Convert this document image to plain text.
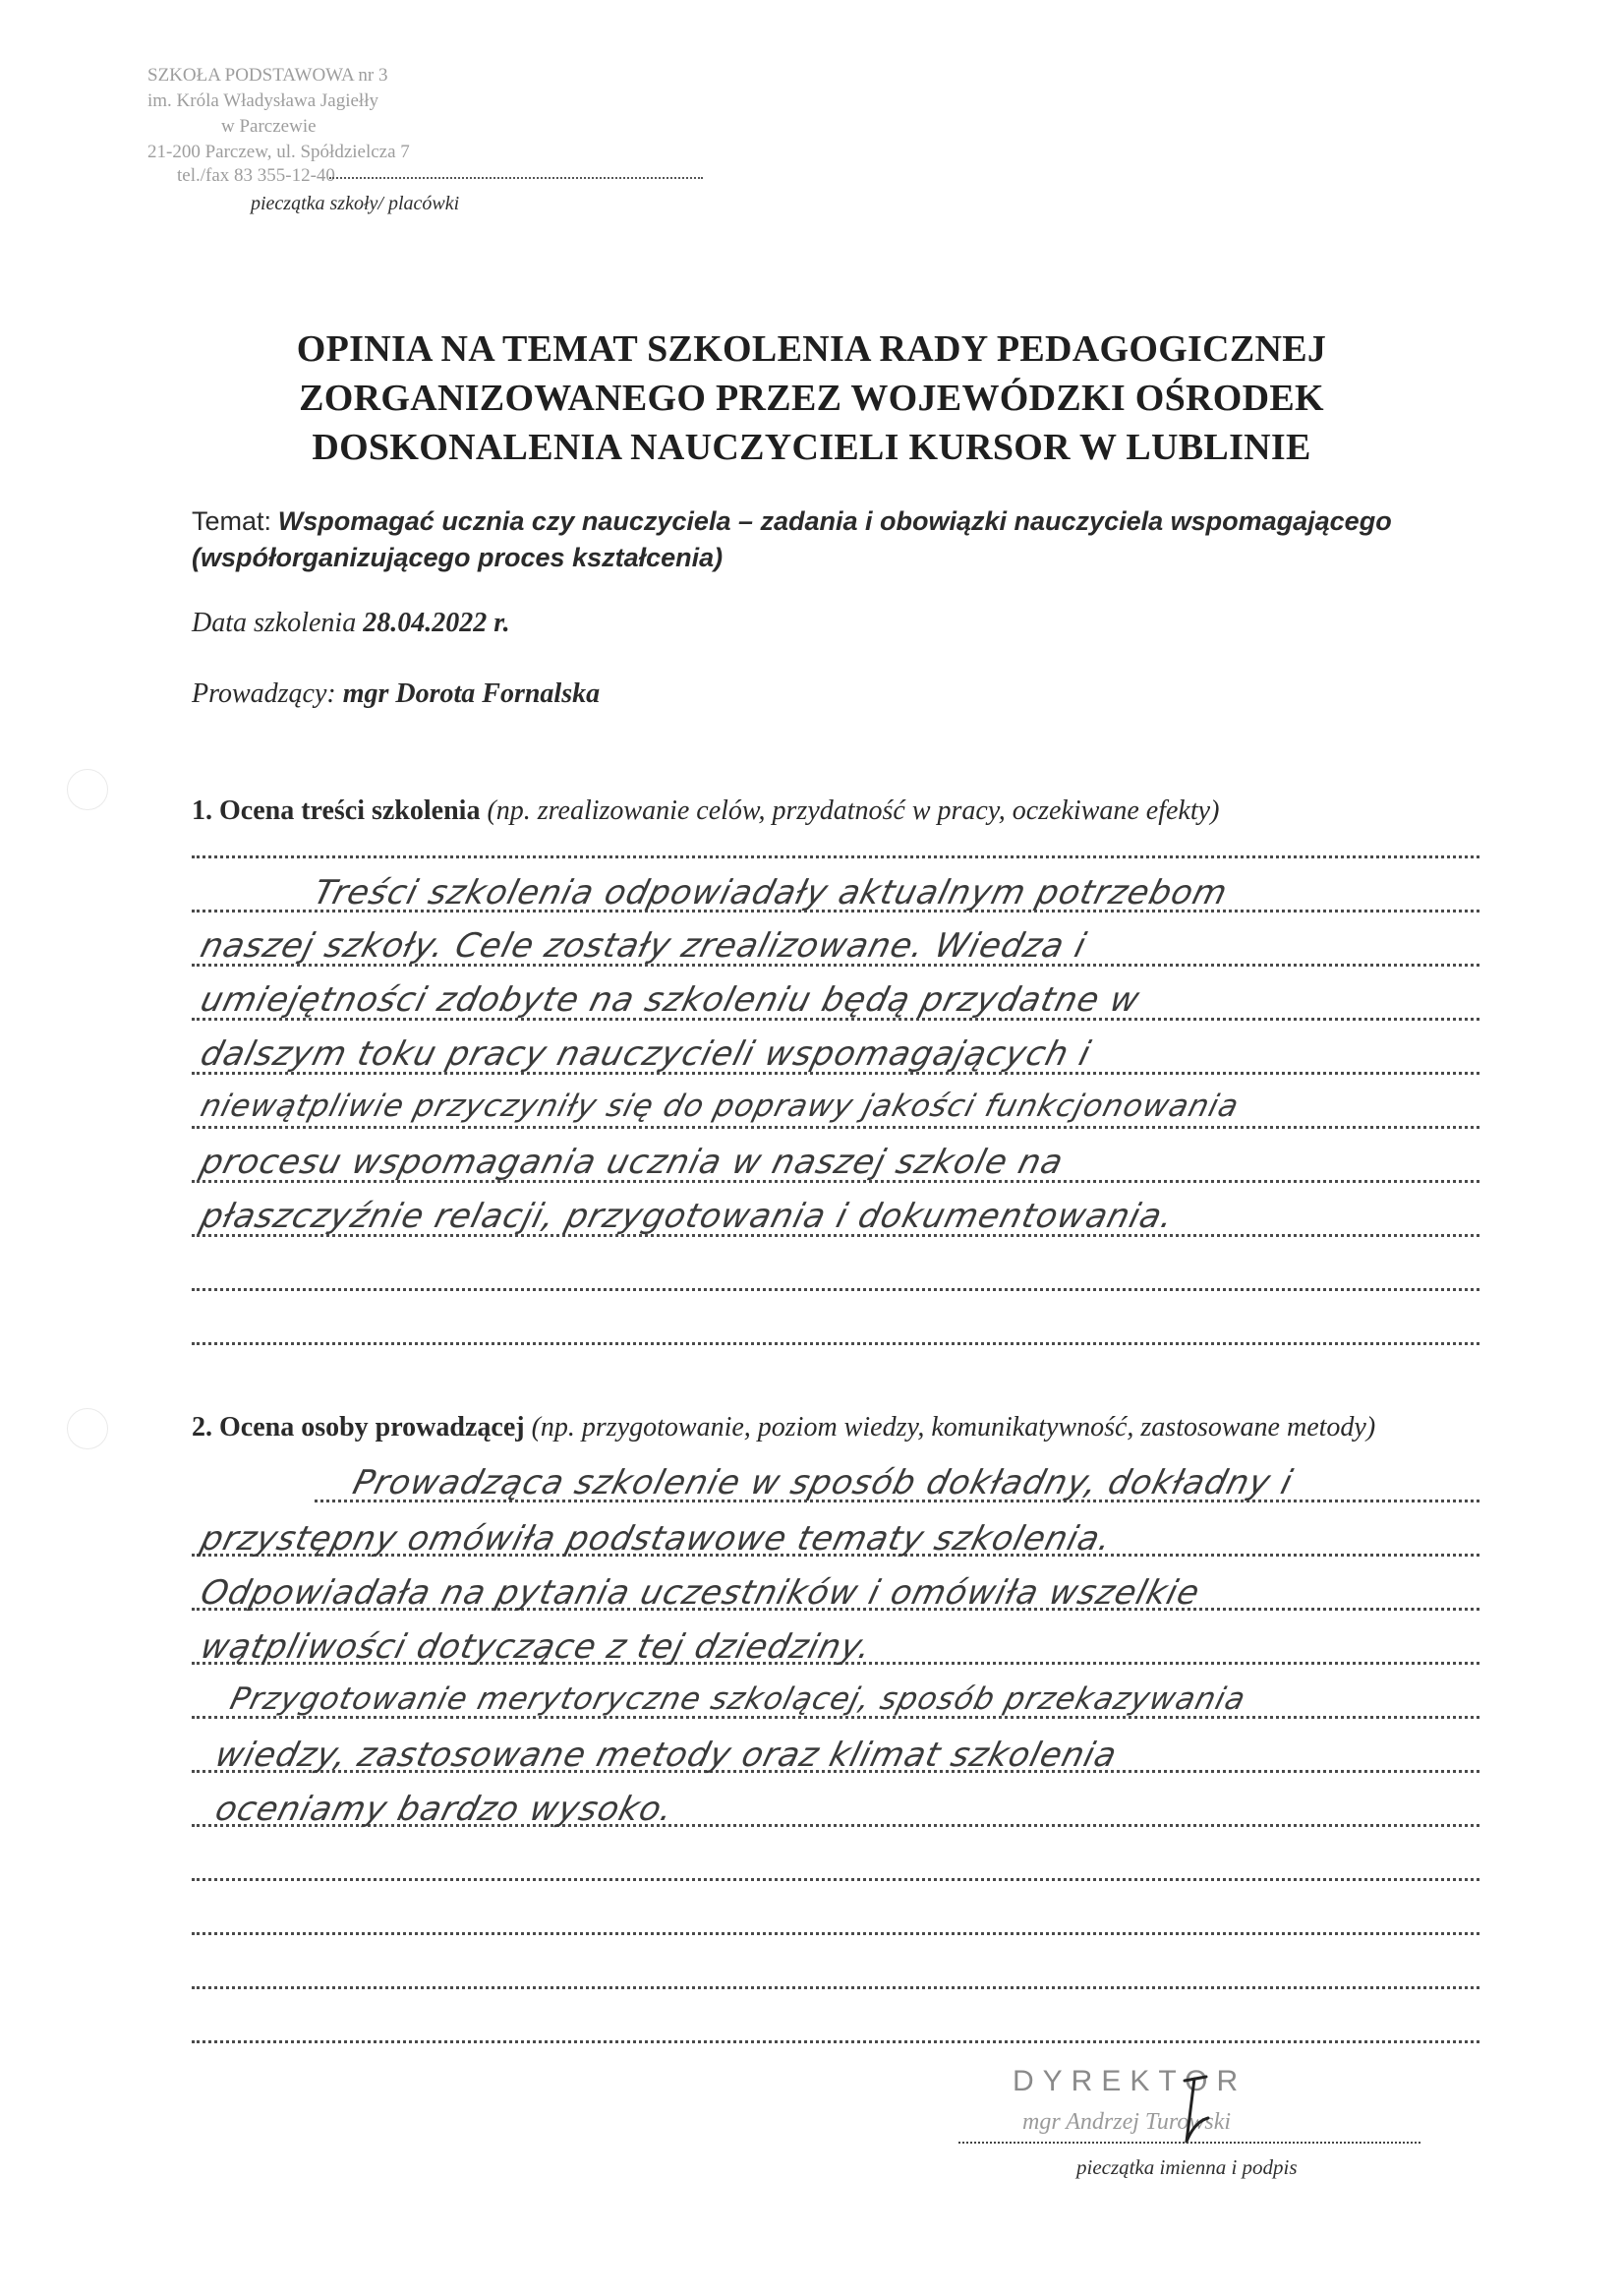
SZKOŁA PODSTAWOWA nr 3
im. Króla Władysława Jagiełły
w Parczewie
21-200 Parczew, ul. Spółdzielcza 7
tel./fax 83 355-12-40
pieczątka szkoły/ placówki
OPINIA NA TEMAT SZKOLENIA RADY PEDAGOGICZNEJ
ZORGANIZOWANEGO PRZEZ WOJEWÓDZKI OŚRODEK
DOSKONALENIA NAUCZYCIELI KURSOR W LUBLINIE
Temat: Wspomagać ucznia czy nauczyciela – zadania i obowiązki nauczyciela wspomagającego (współorganizującego proces kształcenia)
Data szkolenia 28.04.2022 r.
Prowadzący: mgr Dorota Fornalska
1. Ocena treści szkolenia (np. zrealizowanie celów, przydatność w pracy, oczekiwane efekty)
Treści szkolenia odpowiadały aktualnym potrzebom
naszej szkoły. Cele zostały zrealizowane. Wiedza i
umiejętności zdobyte na szkoleniu będą przydatne w
dalszym toku pracy nauczycieli wspomagających i
niewątpliwie przyczyniły się do poprawy jakości funkcjonowania
procesu wspomagania ucznia w naszej szkole na
płaszczyźnie relacji, przygotowania i dokumentowania.
2. Ocena osoby prowadzącej (np. przygotowanie, poziom wiedzy, komunikatywność, zastosowane metody)
Prowadząca szkolenie w sposób dokładny, dokładny i
przystępny omówiła podstawowe tematy szkolenia.
Odpowiadała na pytania uczestników i omówiła wszelkie
wątpliwości dotyczące z tej dziedziny.
Przygotowanie merytoryczne szkolącej, sposób przekazywania
wiedzy, zastosowane metody oraz klimat szkolenia
oceniamy bardzo wysoko.
DYREKTOR
mgr Andrzej Turowski
pieczątka imienna i podpis
